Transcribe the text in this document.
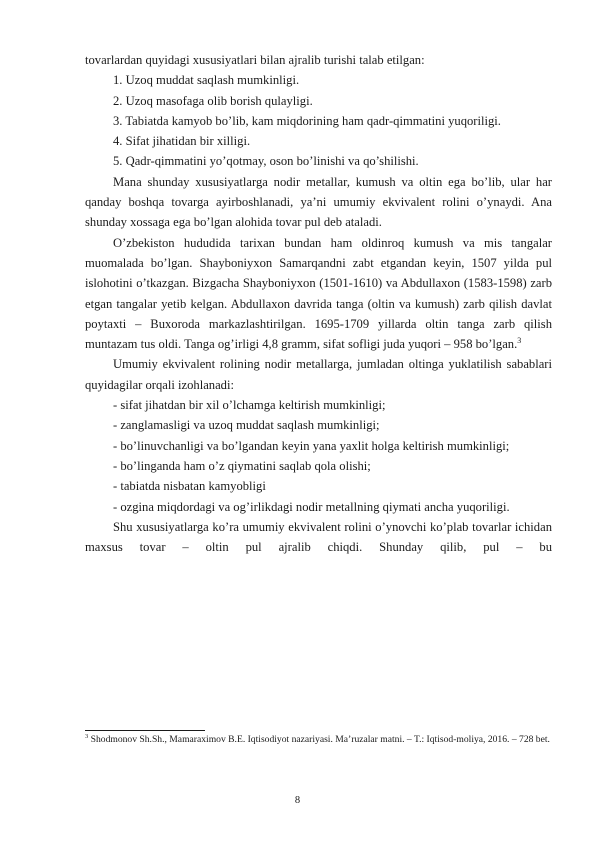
tovarlardan quyidagi xususiyatlari bilan ajralib turishi talab etilgan:

1. Uzoq muddat saqlash mumkinligi.

2. Uzoq masofaga olib borish qulayligi.

3. Tabiatda kamyob bo’lib, kam miqdorining ham qadr-qimmatini yuqoriligi.

4. Sifat jihatidan bir xilligi.

5. Qadr-qimmatini yo’qotmay, oson bo’linishi va qo’shilishi.

Mana shunday xususiyatlarga nodir metallar, kumush va oltin ega bo’lib, ular har qanday boshqa tovarga ayirboshlanadi, ya’ni umumiy ekvivalent rolini o’ynaydi. Ana shunday xossaga ega bo’lgan alohida tovar pul deb ataladi.

O’zbekiston hududida tarixan bundan ham oldinroq kumush va mis tangalar muomalada bo’lgan. Shayboniyxon Samarqandni zabt etgandan keyin, 1507 yilda pul islohotini o’tkazgan. Bizgacha Shayboniyxon (1501-1610) va Abdullaxon (1583-1598) zarb etgan tangalar yetib kelgan. Abdullaxon davrida tanga (oltin va kumush) zarb qilish davlat poytaxti – Buxoroda markazlashtirilgan. 1695-1709 yillarda oltin tanga zarb qilish muntazam tus oldi. Tanga og’irligi 4,8 gramm, sifat sofligi juda yuqori – 958 bo’lgan.$^3$

Umumiy ekvivalent rolining nodir metallarga, jumladan oltinga yuklatilish sabablari quyidagilar orqali izohlanadi:

- sifat jihatdan bir xil o’lchamga keltirish mumkinligi;

- zanglamasligi va uzoq muddat saqlash mumkinligi;

- bo’linuvchanligi va bo’lgandan keyin yana yaxlit holga keltirish mumkinligi;

- bo’linganda ham o’z qiymatini saqlab qola olishi;

- tabiatda nisbatan kamyobligi

- ozgina miqdordagi va og’irlikdagi nodir metallning qiymati ancha yuqoriligi.

Shu xususiyatlarga ko’ra umumiy ekvivalent rolini o’ynovchi ko’plab tovarlar ichidan maxsus tovar – oltin pul ajralib chiqdi. Shunday qilib, pul – bu

$^3$ Shodmonov Sh.Sh., Mamaraximov B.E. Iqtisodiyot nazariyasi. Ma’ruzalar matni. – T.: Iqtisod-moliya, 2016. – 728 bet.
8
